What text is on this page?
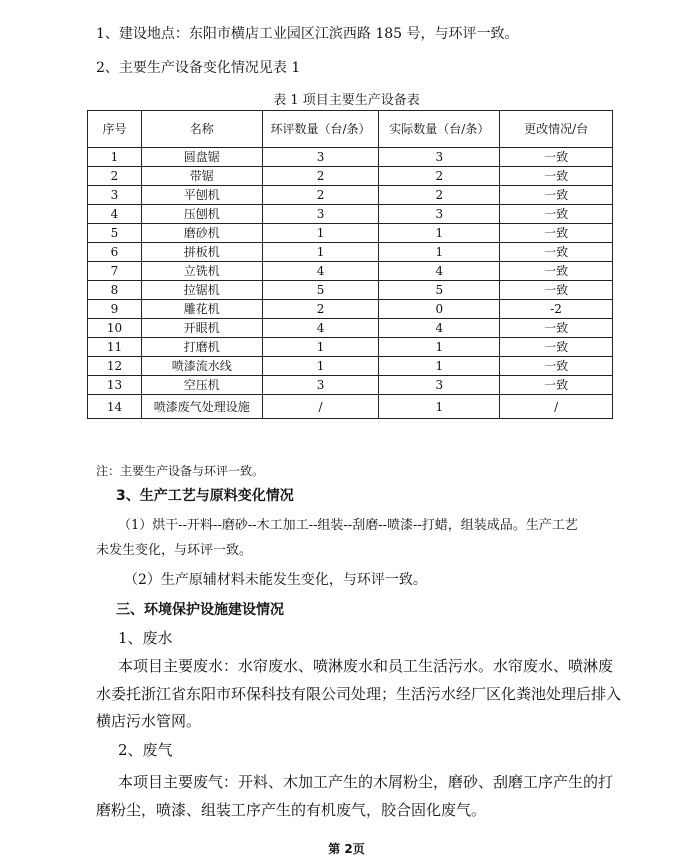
1、建设地点：东阳市横店工业园区江滨西路 185 号，与环评一致。
2、主要生产设备变化情况见表 1
表 1 项目主要生产设备表
序号	名称	环评数量（台/条）	实际数量（台/条）	更改情况/台
1	圆盘锯	3	3	一致
2	带锯	2	2	一致
3	平刨机	2	2	一致
4	压刨机	3	3	一致
5	磨砂机	1	1	一致
6	拼板机	1	1	一致
7	立铣机	4	4	一致
8	拉锯机	5	5	一致
9	雕花机	2	0	-2
10	开眼机	4	4	一致
11	打磨机	1	1	一致
12	喷漆流水线	1	1	一致
13	空压机	3	3	一致
14	喷漆废气处理设施	/	1	/
注：主要生产设备与环评一致。
3、生产工艺与原料变化情况
（1）烘干--开料--磨砂--木工加工--组装--刮磨--喷漆--打蜡，组装成品。生产工艺
未发生变化，与环评一致。
（2）生产原辅材料未能发生变化，与环评一致。
三、环境保护设施建设情况
1、废水
本项目主要废水：水帘废水、喷淋废水和员工生活污水。水帘废水、喷淋废
水委托浙江省东阳市环保科技有限公司处理；生活污水经厂区化粪池处理后排入
横店污水管网。
2、废气
本项目主要废气：开料、木加工产生的木屑粉尘，磨砂、刮磨工序产生的打
磨粉尘，喷漆、组装工序产生的有机废气，胶合固化废气。
第 2页
